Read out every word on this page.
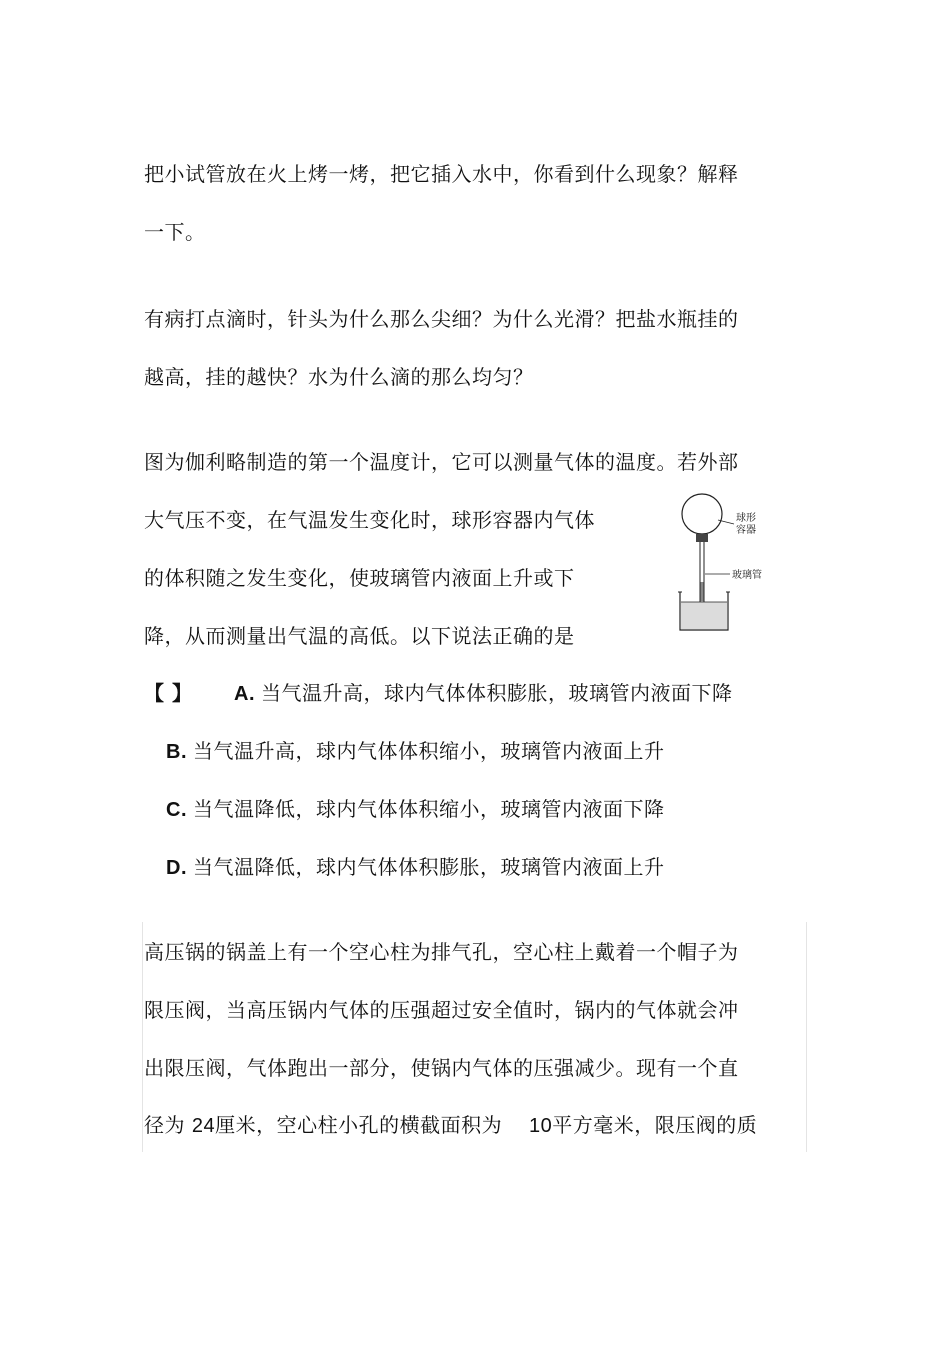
把小试管放在火上烤一烤，把它插入水中，你看到什么现象？解释
一下。
有病打点滴时，针头为什么那么尖细？为什么光滑？把盐水瓶挂的
越高，挂的越快？水为什么滴的那么均匀？
图为伽利略制造的第一个温度计，它可以测量气体的温度。若外部
大气压不变，在气温发生变化时，球形容器内气体
的体积随之发生变化，使玻璃管内液面上升或下
降，从而测量出气温的高低。以下说法正确的是
【 】 A. 当气温升高，球内气体体积膨胀，玻璃管内液面下降
B. 当气温升高，球内气体体积缩小，玻璃管内液面上升
C. 当气温降低，球内气体体积缩小，玻璃管内液面下降
D. 当气温降低，球内气体体积膨胀，玻璃管内液面上升
球形
容器
玻璃管
高压锅的锅盖上有一个空心柱为排气孔，空心柱上戴着一个帽子为
限压阀，当高压锅内气体的压强超过安全值时，锅内的气体就会冲
出限压阀，气体跑出一部分，使锅内气体的压强减少。现有一个直
径为 24厘米，空心柱小孔的横截面积为 10平方毫米，限压阀的质
